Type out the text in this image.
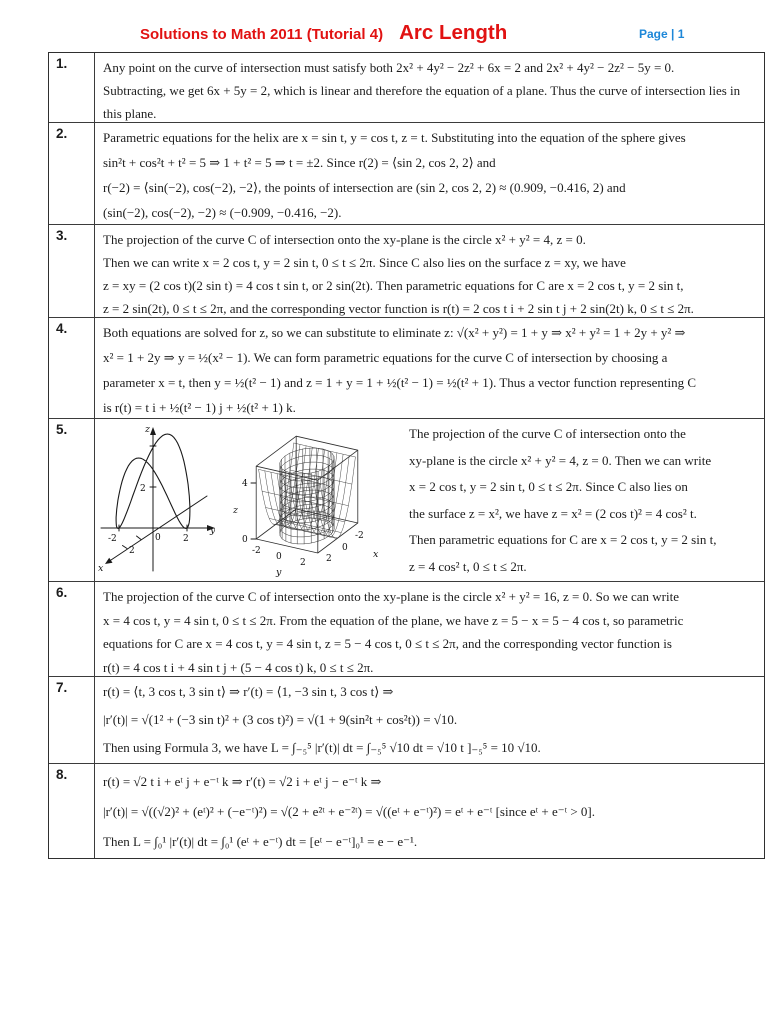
Solutions to Math 2011 (Tutorial 4) Arc Length	Page | 1
1.	Any point on the curve of intersection must satisfy both 2x² + 4y² − 2z² + 6x = 2 and 2x² + 4y² − 2z² − 5y = 0.
Subtracting, we get 6x + 5y = 2, which is linear and therefore the equation of a plane. Thus the curve of intersection lies in
this plane.
2.	Parametric equations for the helix are x = sin t, y = cos t, z = t. Substituting into the equation of the sphere gives
sin²t + cos²t + t² = 5 ⇒ 1 + t² = 5 ⇒ t = ±2. Since r(2) = ⟨sin 2, cos 2, 2⟩ and
r(−2) = ⟨sin(−2), cos(−2), −2⟩, the points of intersection are (sin 2, cos 2, 2) ≈ (0.909, −0.416, 2) and
(sin(−2), cos(−2), −2) ≈ (−0.909, −0.416, −2).
3.	The projection of the curve C of intersection onto the xy-plane is the circle x² + y² = 4, z = 0.
Then we can write x = 2 cos t, y = 2 sin t, 0 ≤ t ≤ 2π. Since C also lies on the surface z = xy, we have
z = xy = (2 cos t)(2 sin t) = 4 cos t sin t, or 2 sin(2t). Then parametric equations for C are x = 2 cos t, y = 2 sin t,
z = 2 sin(2t), 0 ≤ t ≤ 2π, and the corresponding vector function is r(t) = 2 cos t i + 2 sin t j + 2 sin(2t) k, 0 ≤ t ≤ 2π.
4.	Both equations are solved for z, so we can substitute to eliminate z: √(x² + y²) = 1 + y ⇒ x² + y² = 1 + 2y + y² ⇒
x² = 1 + 2y ⇒ y = ½(x² − 1). We can form parametric equations for the curve C of intersection by choosing a
parameter x = t, then y = ½(t² − 1) and z = 1 + y = 1 + ½(t² − 1) = ½(t² + 1). Thus a vector function representing C
is r(t) = t i + ½(t² − 1) j + ½(t² + 1) k.
5.	z
y
x
2
-2	0 2
2
z
4
0
-2
0
2
y
2
0
-2
x
The projection of the curve C of intersection onto the
xy-plane is the circle x² + y² = 4, z = 0. Then we can write
x = 2 cos t, y = 2 sin t, 0 ≤ t ≤ 2π. Since C also lies on
the surface z = x², we have z = x² = (2 cos t)² = 4 cos² t.
Then parametric equations for C are x = 2 cos t, y = 2 sin t,
z = 4 cos² t, 0 ≤ t ≤ 2π.
6.	The projection of the curve C of intersection onto the xy-plane is the circle x² + y² = 16, z = 0. So we can write
x = 4 cos t, y = 4 sin t, 0 ≤ t ≤ 2π. From the equation of the plane, we have z = 5 − x = 5 − 4 cos t, so parametric
equations for C are x = 4 cos t, y = 4 sin t, z = 5 − 4 cos t, 0 ≤ t ≤ 2π, and the corresponding vector function is
r(t) = 4 cos t i + 4 sin t j + (5 − 4 cos t) k, 0 ≤ t ≤ 2π.
7.	r(t) = ⟨t, 3 cos t, 3 sin t⟩ ⇒ r′(t) = ⟨1, −3 sin t, 3 cos t⟩ ⇒
|r′(t)| = √(1² + (−3 sin t)² + (3 cos t)²) = √(1 + 9(sin²t + cos²t)) = √10.
Then using Formula 3, we have L = ∫₋₅⁵ |r′(t)| dt = ∫₋₅⁵ √10 dt = √10 t ]₋₅⁵ = 10 √10.
8.	r(t) = √2 t i + eᵗ j + e⁻ᵗ k ⇒ r′(t) = √2 i + eᵗ j − e⁻ᵗ k ⇒
|r′(t)| = √((√2)² + (eᵗ)² + (−e⁻ᵗ)²) = √(2 + e²ᵗ + e⁻²ᵗ) = √((eᵗ + e⁻ᵗ)²) = eᵗ + e⁻ᵗ [since eᵗ + e⁻ᵗ > 0].
Then L = ∫₀¹ |r′(t)| dt = ∫₀¹ (eᵗ + e⁻ᵗ) dt = [eᵗ − e⁻ᵗ]₀¹ = e − e⁻¹.
